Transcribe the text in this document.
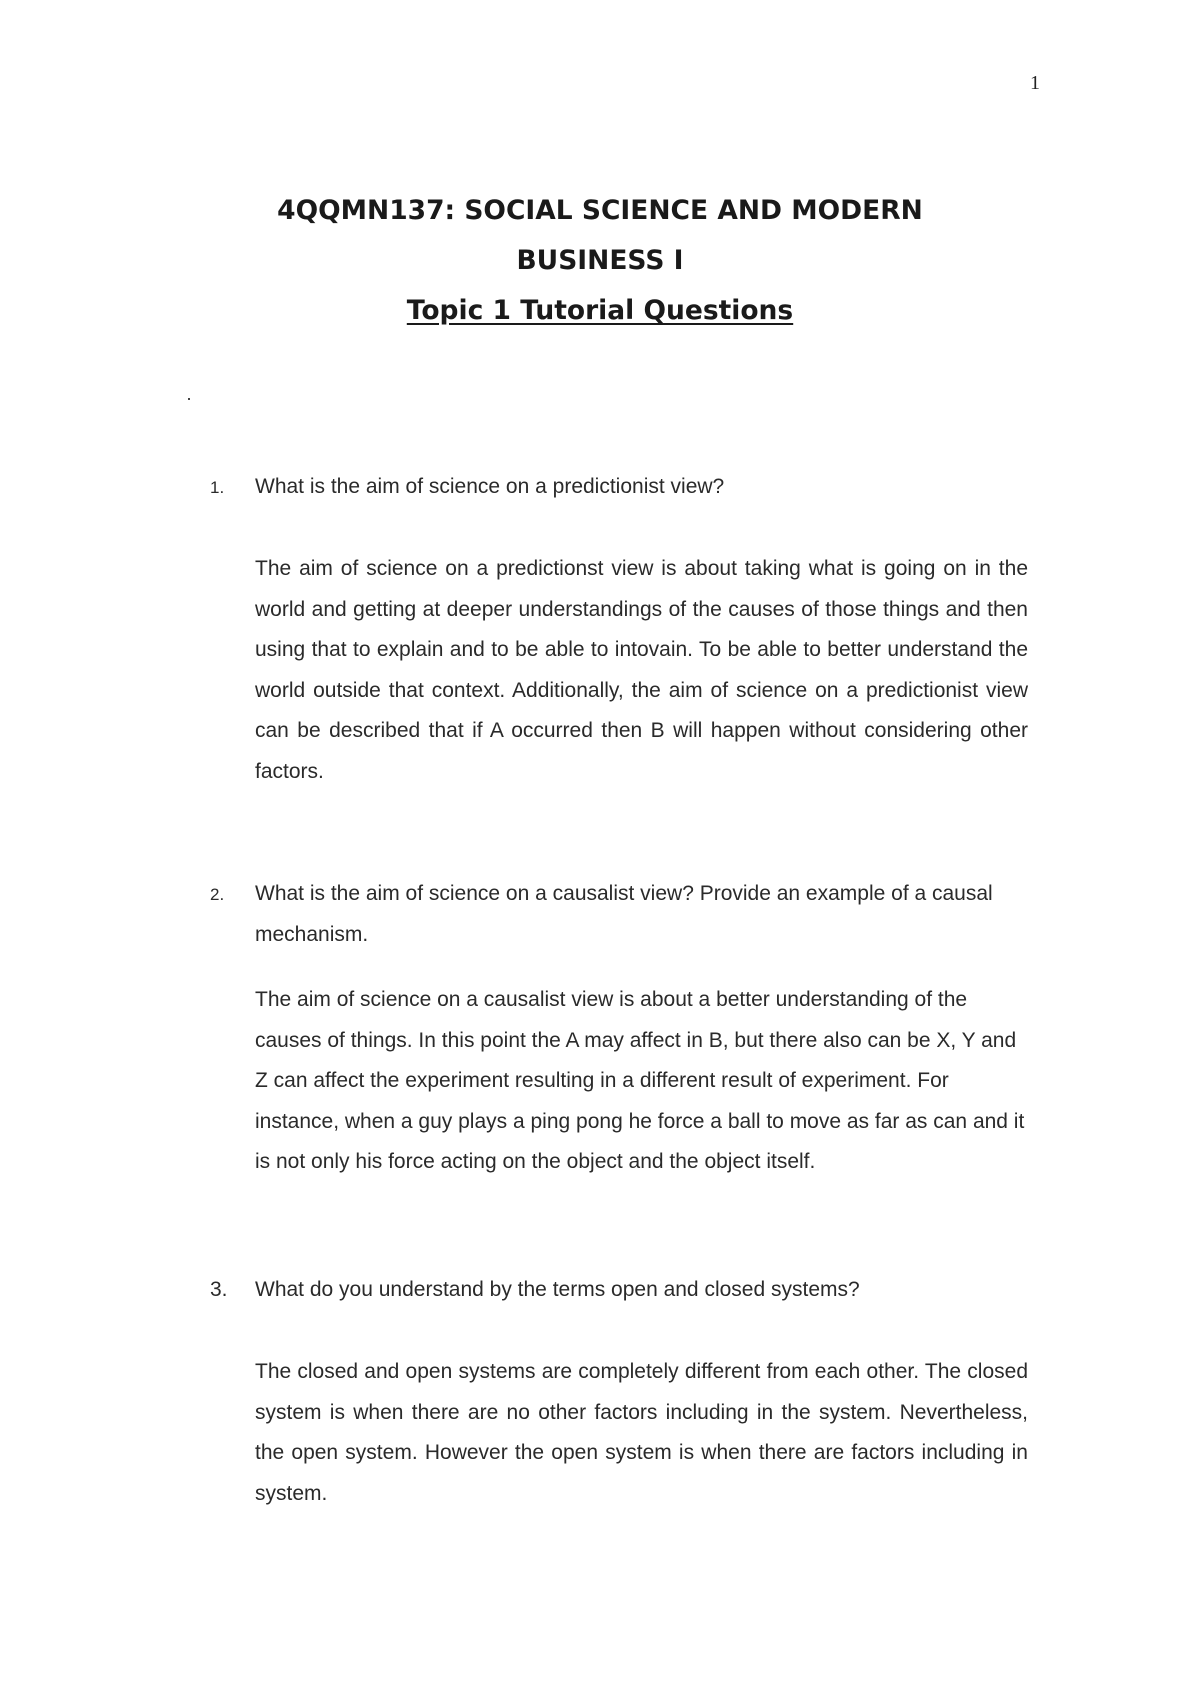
1
4QQMN137: SOCIAL SCIENCE AND MODERN
BUSINESS I
Topic 1 Tutorial Questions
1.	What is the aim of science on a predictionist view?
The aim of science on a predictionst view is about taking what is going on in the world and getting at deeper understandings of the causes of those things and then using that to explain and to be able to intovain. To be able to better understand the world outside that context. Additionally, the aim of science on a predictionist view can be described that if A occurred then B will happen without considering other factors.
2.	What is the aim of science on a causalist view? Provide an example of a causal mechanism.
The aim of science on a causalist view is about a better understanding of the causes of things. In this point the A may affect in B, but there also can be X, Y and Z can affect the experiment resulting in a different result of experiment. For instance, when a guy plays a ping pong he force a ball to move as far as can and it is not only his force acting on the object and the object itself.
3.	What do you understand by the terms open and closed systems?
The closed and open systems are completely different from each other. The closed system is when there are no other factors including in the system. Nevertheless, the open system. However the open system is when there are factors including in system.
